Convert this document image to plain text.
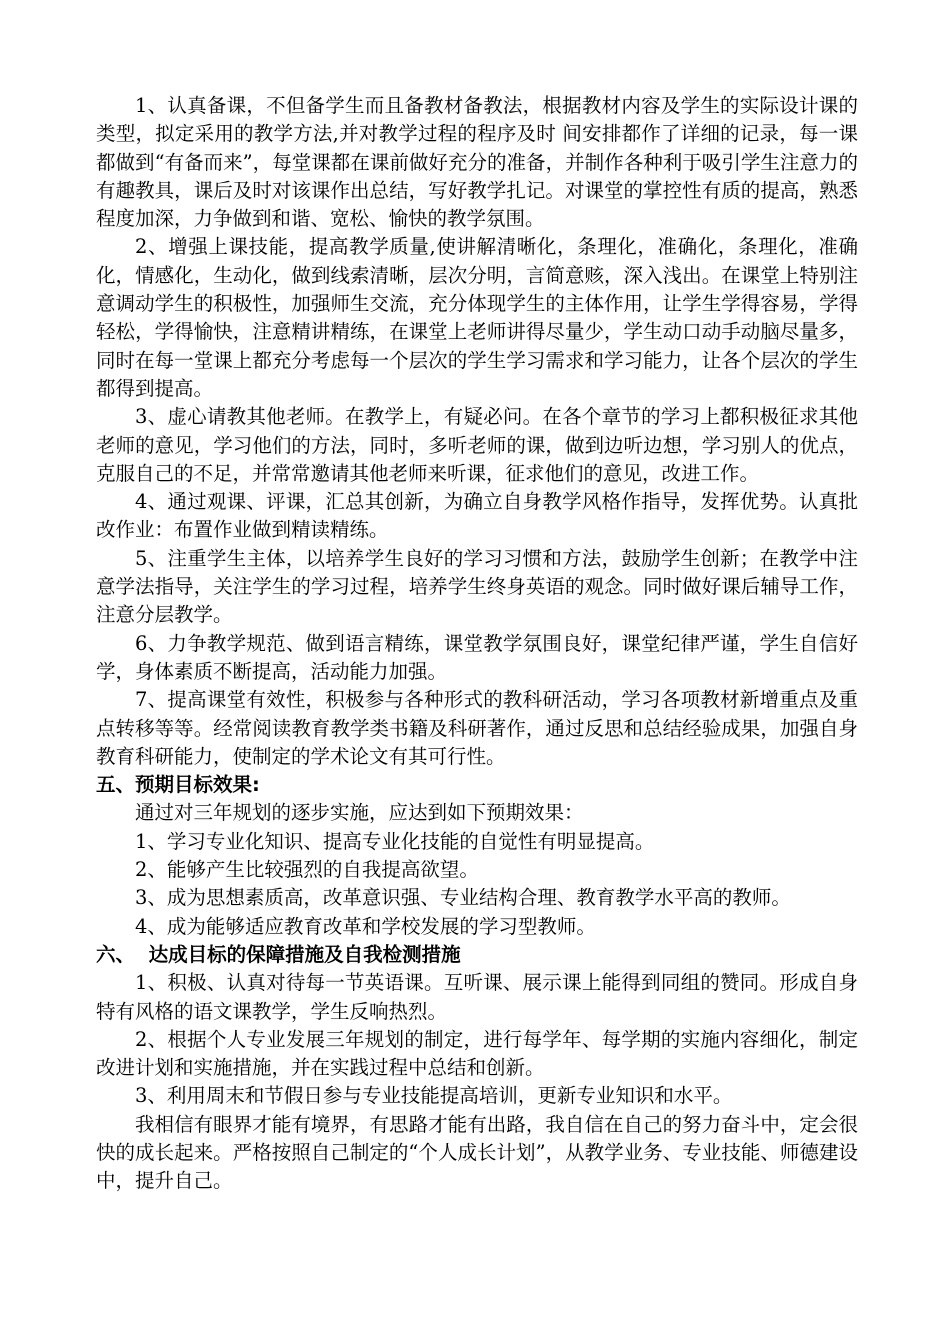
1、认真备课，不但备学生而且备教材备教法，根据教材内容及学生的实际设计课的类型，拟定采用的教学方法,并对教学过程的程序及时 间安排都作了详细的记录，每一课都做到“有备而来”，每堂课都在课前做好充分的准备，并制作各种利于吸引学生注意力的有趣教具，课后及时对该课作出总结，写好教学扎记。对课堂的掌控性有质的提高，熟悉程度加深，力争做到和谐、宽松、愉快的教学氛围。

2、增强上课技能，提高教学质量,使讲解清晰化，条理化，准确化，条理化，准确化，情感化，生动化，做到线索清晰，层次分明，言简意赅，深入浅出。在课堂上特别注意调动学生的积极性，加强师生交流，充分体现学生的主体作用，让学生学得容易，学得轻松，学得愉快，注意精讲精练，在课堂上老师讲得尽量少，学生动口动手动脑尽量多，同时在每一堂课上都充分考虑每一个层次的学生学习需求和学习能力，让各个层次的学生都得到提高。

3、虚心请教其他老师。在教学上，有疑必问。在各个章节的学习上都积极征求其他老师的意见，学习他们的方法，同时，多听老师的课，做到边听边想，学习别人的优点，克服自己的不足，并常常邀请其他老师来听课，征求他们的意见，改进工作。

4、通过观课、评课，汇总其创新，为确立自身教学风格作指导，发挥优势。认真批改作业：布置作业做到精读精练。

5、注重学生主体，以培养学生良好的学习习惯和方法，鼓励学生创新；在教学中注意学法指导，关注学生的学习过程，培养学生终身英语的观念。同时做好课后辅导工作，注意分层教学。

6、力争教学规范、做到语言精练，课堂教学氛围良好，课堂纪律严谨，学生自信好学，身体素质不断提高，活动能力加强。

7、提高课堂有效性，积极参与各种形式的教科研活动，学习各项教材新增重点及重点转移等等。经常阅读教育教学类书籍及科研著作，通过反思和总结经验成果，加强自身教育科研能力，使制定的学术论文有其可行性。

五、预期目标效果:

通过对三年规划的逐步实施，应达到如下预期效果：

1、学习专业化知识、提高专业化技能的自觉性有明显提高。

2、能够产生比较强烈的自我提高欲望。

3、成为思想素质高，改革意识强、专业结构合理、教育教学水平高的教师。

4、成为能够适应教育改革和学校发展的学习型教师。

六、  达成目标的保障措施及自我检测措施

1、积极、认真对待每一节英语课。互听课、展示课上能得到同组的赞同。形成自身特有风格的语文课教学，学生反响热烈。

2、根据个人专业发展三年规划的制定，进行每学年、每学期的实施内容细化，制定改进计划和实施措施，并在实践过程中总结和创新。

3、利用周末和节假日参与专业技能提高培训，更新专业知识和水平。

我相信有眼界才能有境界，有思路才能有出路，我自信在自己的努力奋斗中，定会很快的成长起来。严格按照自己制定的“个人成长计划”，从教学业务、专业技能、师德建设中，提升自己。
